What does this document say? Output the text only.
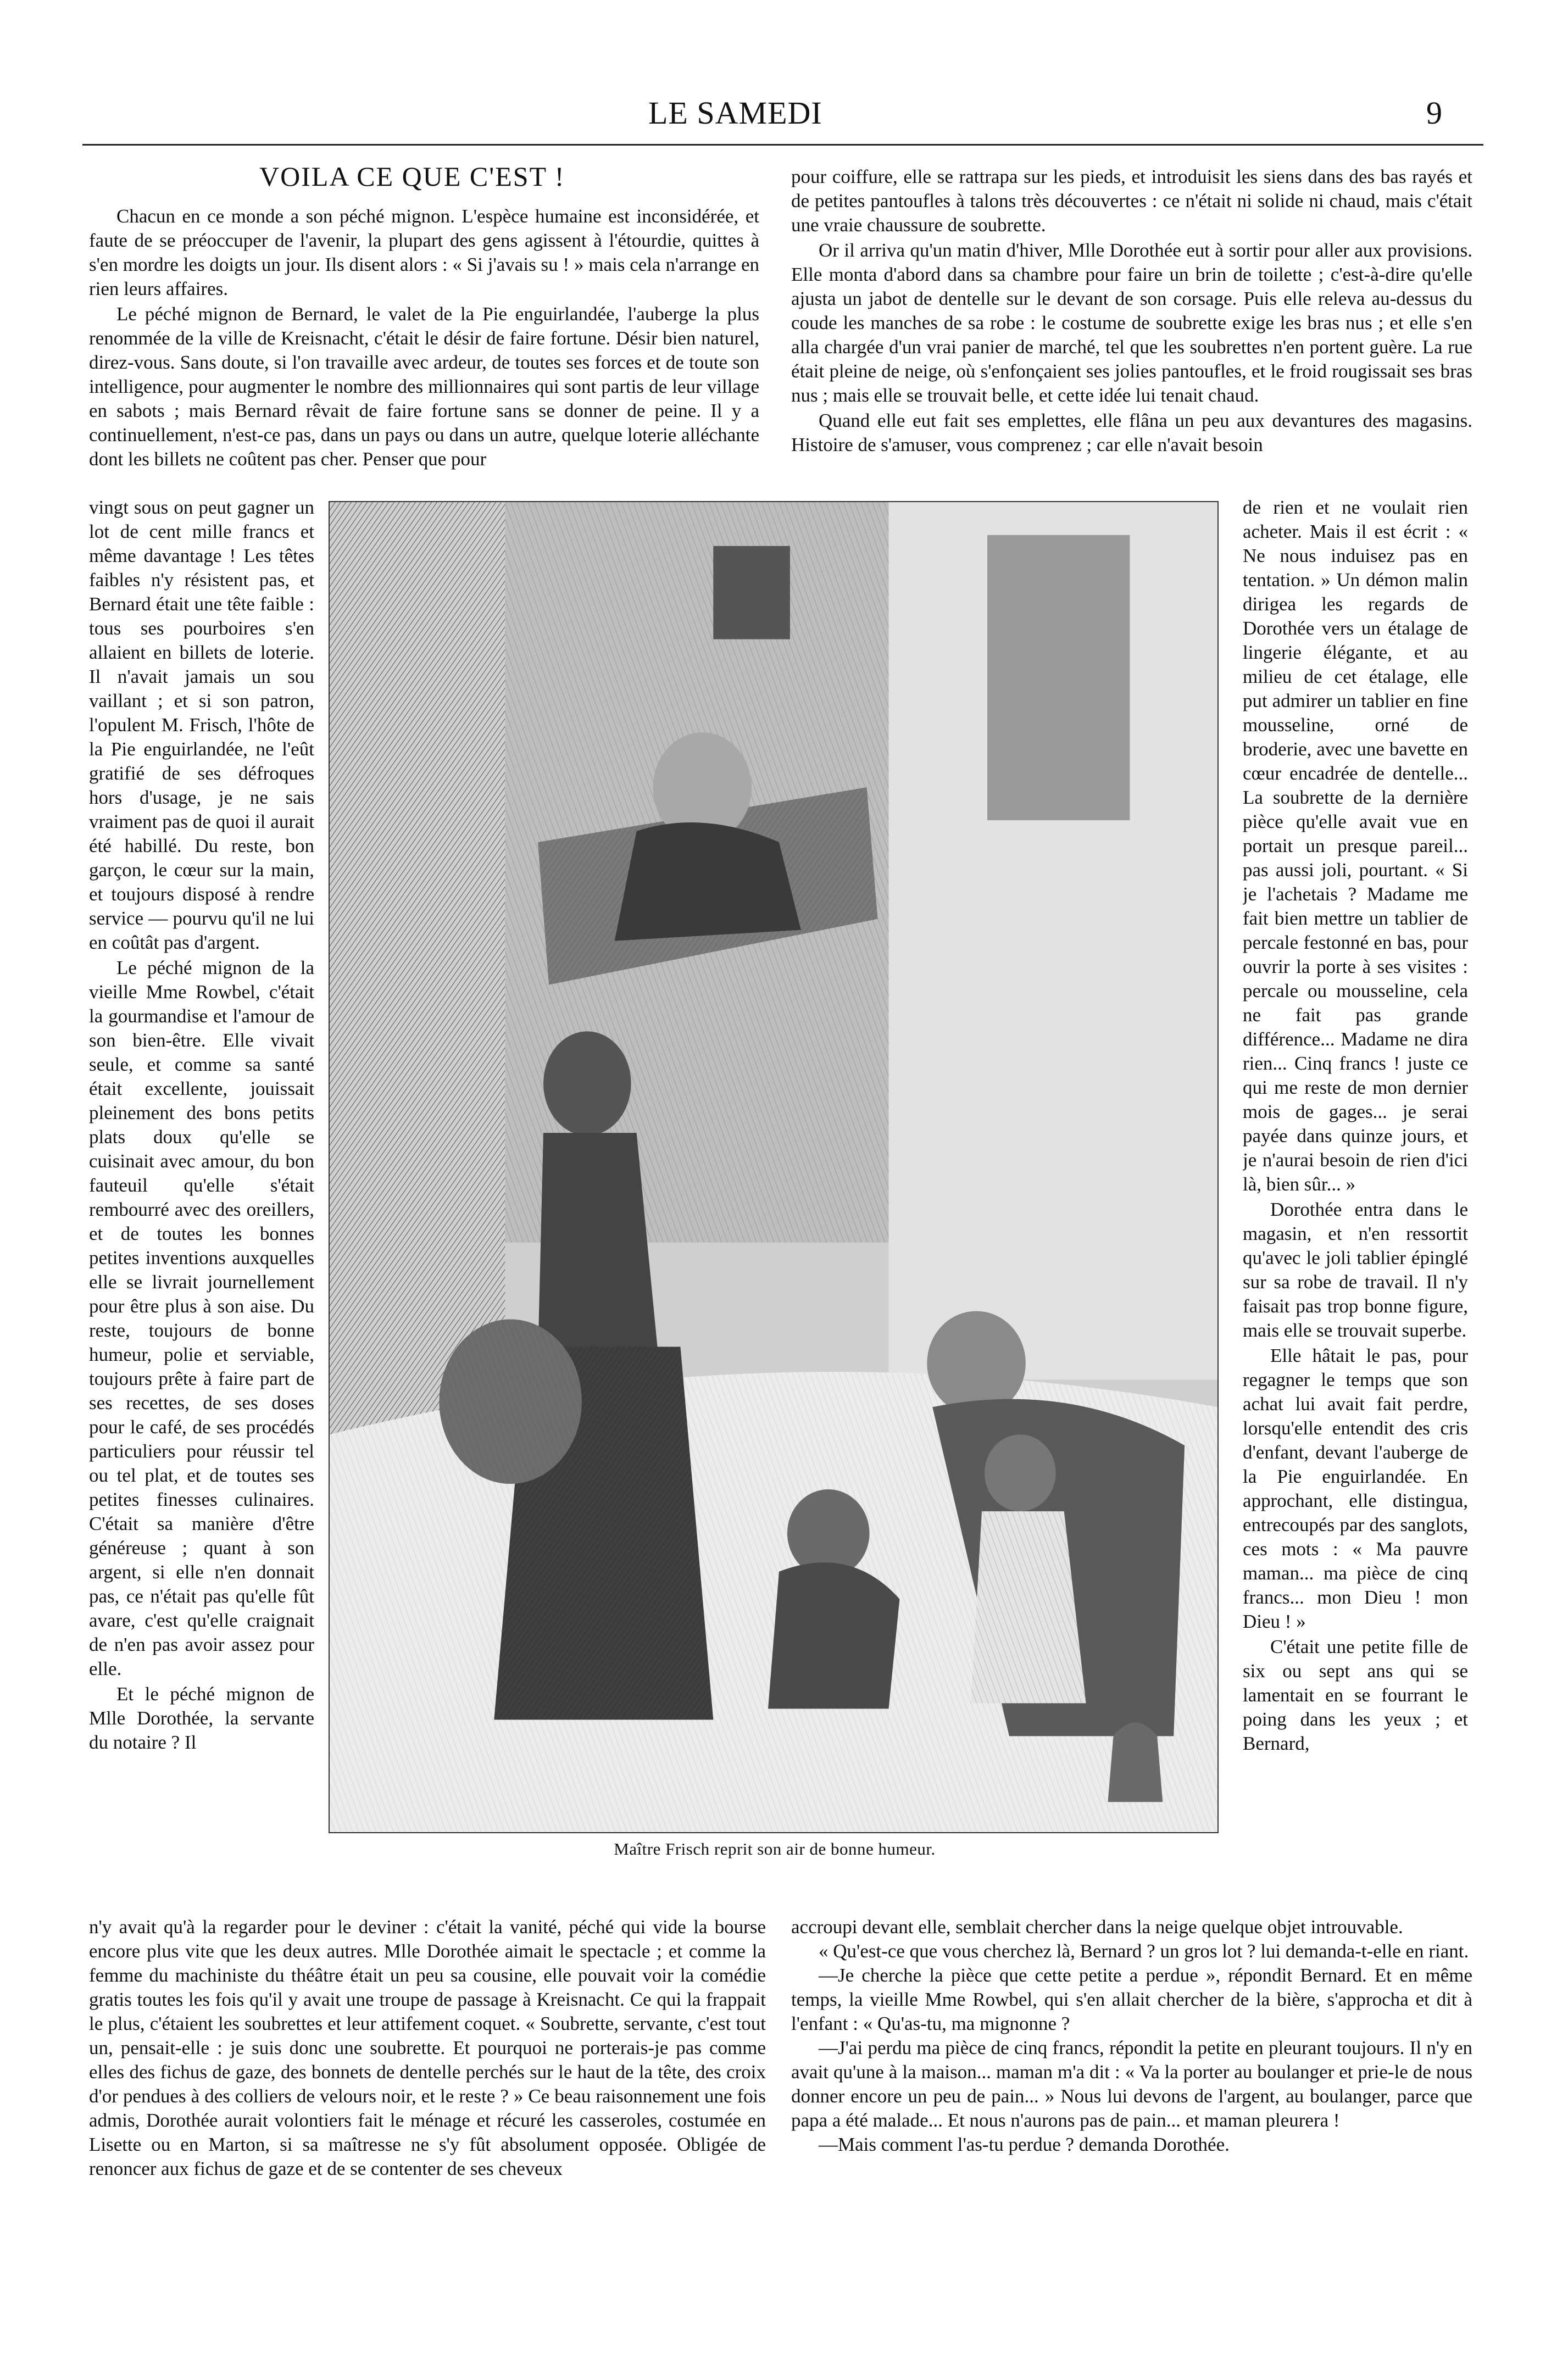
LE SAMEDI	9
VOILA CE QUE C'EST !

Chacun en ce monde a son péché mignon. L'espèce humaine est inconsidérée, et faute de se préoccuper de l'avenir, la plupart des gens agissent à l'étourdie, quittes à s'en mordre les doigts un jour. Ils disent alors : « Si j'avais su ! » mais cela n'arrange en rien leurs affaires.

Le péché mignon de Bernard, le valet de la Pie enguirlandée, l'auberge la plus renommée de la ville de Kreisnacht, c'était le désir de faire fortune. Désir bien naturel, direz-vous. Sans doute, si l'on travaille avec ardeur, de toutes ses forces et de toute son intelligence, pour augmenter le nombre des millionnaires qui sont partis de leur village en sabots ; mais Bernard rêvait de faire fortune sans se donner de peine. Il y a continuellement, n'est-ce pas, dans un pays ou dans un autre, quelque loterie alléchante dont les billets ne coûtent pas cher. Penser que pour

vingt sous on peut gagner un lot de cent mille francs et même davantage ! Les têtes faibles n'y résistent pas, et Bernard était une tête faible : tous ses pourboires s'en allaient en billets de loterie. Il n'avait jamais un sou vaillant ; et si son patron, l'opulent M. Frisch, l'hôte de la Pie enguirlandée, ne l'eût gratifié de ses défroques hors d'usage, je ne sais vraiment pas de quoi il aurait été habillé. Du reste, bon garçon, le cœur sur la main, et toujours disposé à rendre service — pourvu qu'il ne lui en coûtât pas d'argent.

Le péché mignon de la vieille Mme Rowbel, c'était la gourmandise et l'amour de son bien-être. Elle vivait seule, et comme sa santé était excellente, jouissait pleinement des bons petits plats doux qu'elle se cuisinait avec amour, du bon fauteuil qu'elle s'était rembourré avec des oreillers, et de toutes les bonnes petites inventions auxquelles elle se livrait journellement pour être plus à son aise. Du reste, toujours de bonne humeur, polie et serviable, toujours prête à faire part de ses recettes, de ses doses pour le café, de ses procédés particuliers pour réussir tel ou tel plat, et de toutes ses petites finesses culinaires. C'était sa manière d'être généreuse ; quant à son argent, si elle n'en donnait pas, ce n'était pas qu'elle fût avare, c'est qu'elle craignait de n'en pas avoir assez pour elle.

Et le péché mignon de Mlle Dorothée, la servante du notaire ? Il

n'y avait qu'à la regarder pour le deviner : c'était la vanité, péché qui vide la bourse encore plus vite que les deux autres. Mlle Dorothée aimait le spectacle ; et comme la femme du machiniste du théâtre était un peu sa cousine, elle pouvait voir la comédie gratis toutes les fois qu'il y avait une troupe de passage à Kreisnacht. Ce qui la frappait le plus, c'étaient les soubrettes et leur attifement coquet. « Soubrette, servante, c'est tout un, pensait-elle : je suis donc une soubrette. Et pourquoi ne porterais-je pas comme elles des fichus de gaze, des bonnets de dentelle perchés sur le haut de la tête, des croix d'or pendues à des colliers de velours noir, et le reste ? » Ce beau raisonnement une fois admis, Dorothée aurait volontiers fait le ménage et récuré les casseroles, costumée en Lisette ou en Marton, si sa maîtresse ne s'y fût absolument opposée. Obligée de renoncer aux fichus de gaze et de se contenter de ses cheveux

pour coiffure, elle se rattrapa sur les pieds, et introduisit les siens dans des bas rayés et de petites pantoufles à talons très découvertes : ce n'était ni solide ni chaud, mais c'était une vraie chaussure de soubrette.

Or il arriva qu'un matin d'hiver, Mlle Dorothée eut à sortir pour aller aux provisions. Elle monta d'abord dans sa chambre pour faire un brin de toilette ; c'est-à-dire qu'elle ajusta un jabot de dentelle sur le devant de son corsage. Puis elle releva au-dessus du coude les manches de sa robe : le costume de soubrette exige les bras nus ; et elle s'en alla chargée d'un vrai panier de marché, tel que les soubrettes n'en portent guère. La rue était pleine de neige, où s'enfonçaient ses jolies pantoufles, et le froid rougissait ses bras nus ; mais elle se trouvait belle, et cette idée lui tenait chaud.

Quand elle eut fait ses emplettes, elle flâna un peu aux devantures des magasins. Histoire de s'amuser, vous comprenez ; car elle n'avait besoin

de rien et ne voulait rien acheter. Mais il est écrit : « Ne nous induisez pas en tentation. » Un démon malin dirigea les regards de Dorothée vers un étalage de lingerie élégante, et au milieu de cet étalage, elle put admirer un tablier en fine mousseline, orné de broderie, avec une bavette en cœur encadrée de dentelle... La soubrette de la dernière pièce qu'elle avait vue en portait un presque pareil... pas aussi joli, pourtant. « Si je l'achetais ? Madame me fait bien mettre un tablier de percale festonné en bas, pour ouvrir la porte à ses visites : percale ou mousseline, cela ne fait pas grande différence... Madame ne dira rien... Cinq francs ! juste ce qui me reste de mon dernier mois de gages... je serai payée dans quinze jours, et je n'aurai besoin de rien d'ici là, bien sûr... »

Dorothée entra dans le magasin, et n'en ressortit qu'avec le joli tablier épinglé sur sa robe de travail. Il n'y faisait pas trop bonne figure, mais elle se trouvait superbe.

Elle hâtait le pas, pour regagner le temps que son achat lui avait fait perdre, lorsqu'elle entendit des cris d'enfant, devant l'auberge de la Pie enguirlandée. En approchant, elle distingua, entrecoupés par des sanglots, ces mots : « Ma pauvre maman... ma pièce de cinq francs... mon Dieu ! mon Dieu ! »

C'était une petite fille de six ou sept ans qui se lamentait en se fourrant le poing dans les yeux ; et Bernard,

accroupi devant elle, semblait chercher dans la neige quelque objet introuvable.

« Qu'est-ce que vous cherchez là, Bernard ? un gros lot ? lui demanda-t-elle en riant.

—Je cherche la pièce que cette petite a perdue », répondit Bernard. Et en même temps, la vieille Mme Rowbel, qui s'en allait chercher de la bière, s'approcha et dit à l'enfant : « Qu'as-tu, ma mignonne ?

—J'ai perdu ma pièce de cinq francs, répondit la petite en pleurant toujours. Il n'y en avait qu'une à la maison... maman m'a dit : « Va la porter au boulanger et prie-le de nous donner encore un peu de pain... » Nous lui devons de l'argent, au boulanger, parce que papa a été malade... Et nous n'aurons pas de pain... et maman pleurera !

—Mais comment l'as-tu perdue ? demanda Dorothée.

Maître Frisch reprit son air de bonne humeur.
